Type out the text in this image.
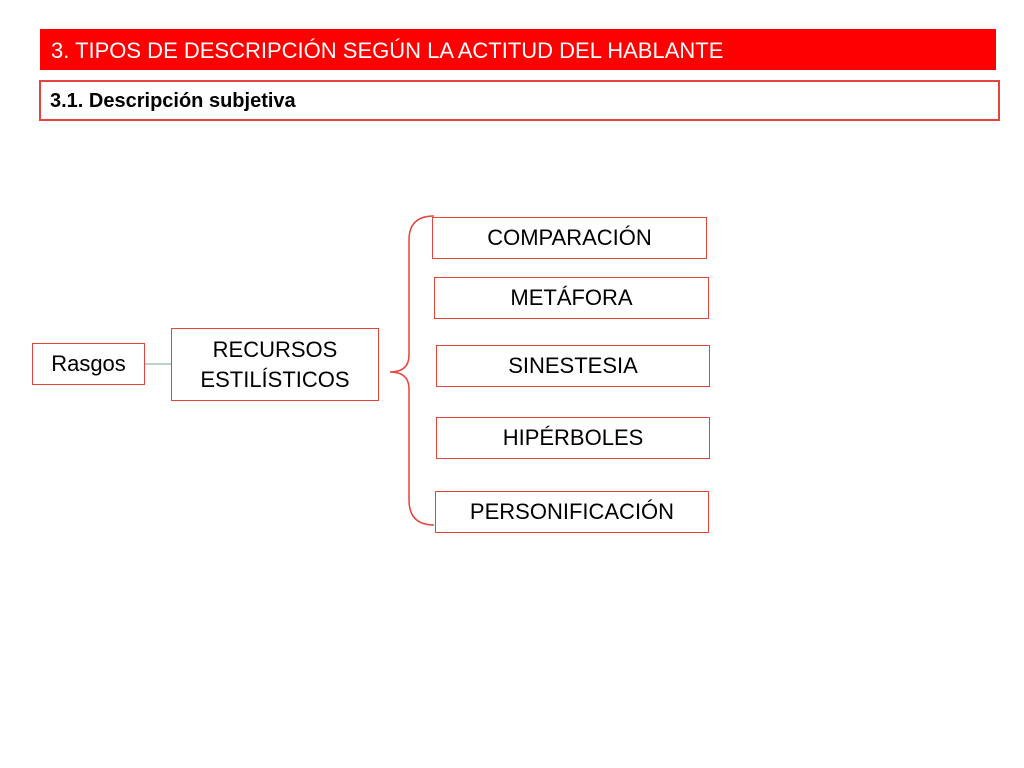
3. TIPOS DE DESCRIPCIÓN SEGÚN LA ACTITUD DEL HABLANTE
3.1. Descripción subjetiva
Rasgos
RECURSOS ESTILÍSTICOS
COMPARACIÓN
METÁFORA
SINESTESIA
HIPÉRBOLES
PERSONIFICACIÓN
